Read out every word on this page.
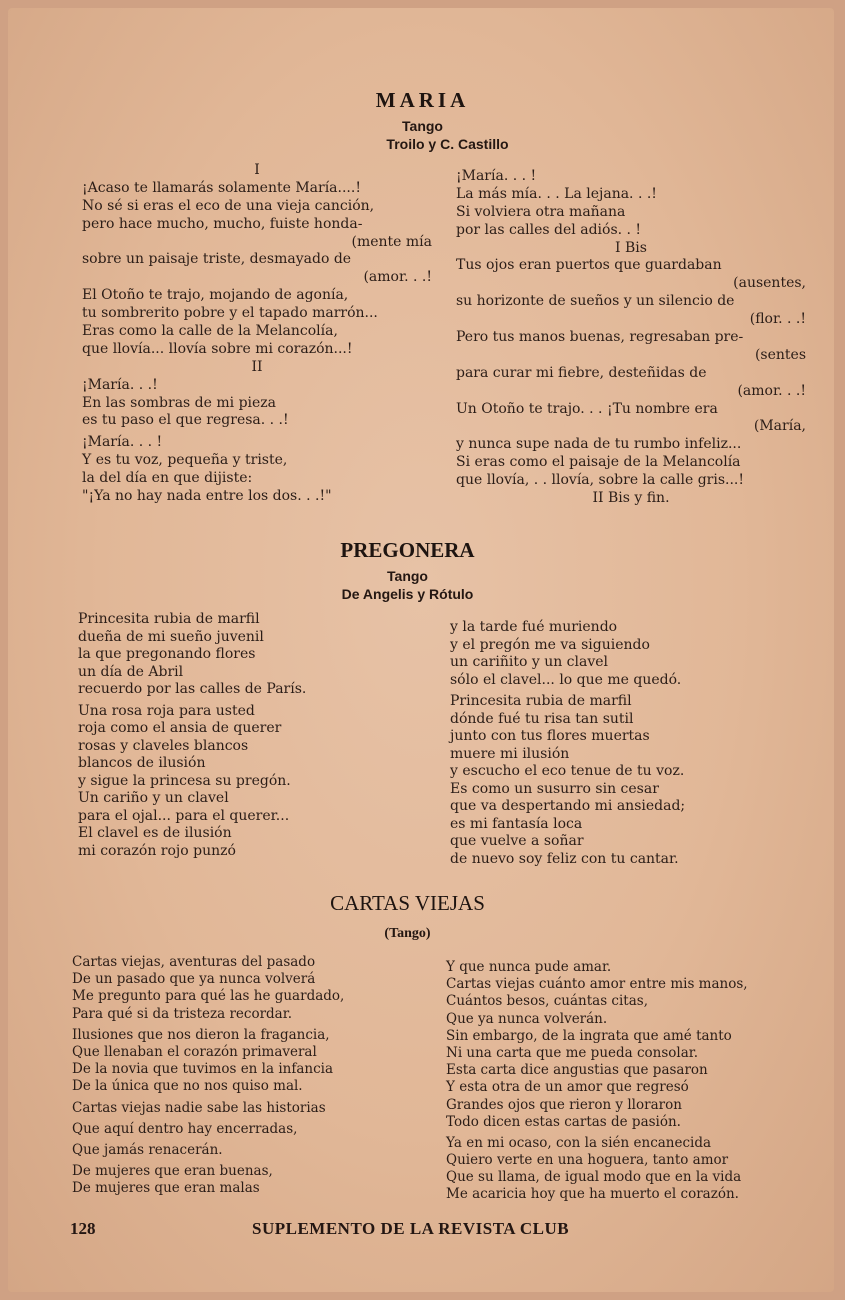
MARIA
Tango
Troilo y C. Castillo
I
¡Acaso te llamarás solamente María....!
No sé si eras el eco de una vieja canción,
pero hace mucho, mucho, fuiste honda-
(mente mía
sobre un paisaje triste, desmayado de
(amor. . .!
El Otoño te trajo, mojando de agonía,
tu sombrerito pobre y el tapado marrón...
Eras como la calle de la Melancolía,
que llovía... llovía sobre mi corazón...!
II
¡María. . .!
En las sombras de mi pieza
es tu paso el que regresa. . .!
¡María. . . !
Y es tu voz, pequeña y triste,
la del día en que dijiste:
"¡Ya no hay nada entre los dos. . .!"
¡María. . . !
La más mía. . . La lejana. . .!
Si volviera otra mañana
por las calles del adiós. . !
I Bis
Tus ojos eran puertos que guardaban
(ausentes,
su horizonte de sueños y un silencio de
(flor. . .!
Pero tus manos buenas, regresaban pre-
(sentes
para curar mi fiebre, desteñidas de
(amor. . .!
Un Otoño te trajo. . . ¡Tu nombre era
(María,
y nunca supe nada de tu rumbo infeliz...
Si eras como el paisaje de la Melancolía
que llovía, . . llovía, sobre la calle gris...!
II Bis y fin.
PREGONERA
Tango
De Angelis y Rótulo
Princesita rubia de marfil
dueña de mi sueño juvenil
la que pregonando flores
un día de Abril
recuerdo por las calles de París.
Una rosa roja para usted
roja como el ansia de querer
rosas y claveles blancos
blancos de ilusión
y sigue la princesa su pregón.
Un cariño y un clavel
para el ojal... para el querer...
El clavel es de ilusión
mi corazón rojo punzó
y la tarde fué muriendo
y el pregón me va siguiendo
un cariñito y un clavel
sólo el clavel... lo que me quedó.
Princesita rubia de marfil
dónde fué tu risa tan sutil
junto con tus flores muertas
muere mi ilusión
y escucho el eco tenue de tu voz.
Es como un susurro sin cesar
que va despertando mi ansiedad;
es mi fantasía loca
que vuelve a soñar
de nuevo soy feliz con tu cantar.
CARTAS VIEJAS
(Tango)
Cartas viejas, aventuras del pasado
De un pasado que ya nunca volverá
Me pregunto para qué las he guardado,
Para qué si da tristeza recordar.
Ilusiones que nos dieron la fragancia,
Que llenaban el corazón primaveral
De la novia que tuvimos en la infancia
De la única que no nos quiso mal.
Cartas viejas nadie sabe las historias
Que aquí dentro hay encerradas,
Que jamás renacerán.
De mujeres que eran buenas,
De mujeres que eran malas
Y que nunca pude amar.
Cartas viejas cuánto amor entre mis manos,
Cuántos besos, cuántas citas,
Que ya nunca volverán.
Sin embargo, de la ingrata que amé tanto
Ni una carta que me pueda consolar.
Esta carta dice angustias que pasaron
Y esta otra de un amor que regresó
Grandes ojos que rieron y lloraron
Todo dicen estas cartas de pasión.
Ya en mi ocaso, con la sién encanecida
Quiero verte en una hoguera, tanto amor
Que su llama, de igual modo que en la vida
Me acaricia hoy que ha muerto el corazón.
128	SUPLEMENTO DE LA REVISTA CLUB
